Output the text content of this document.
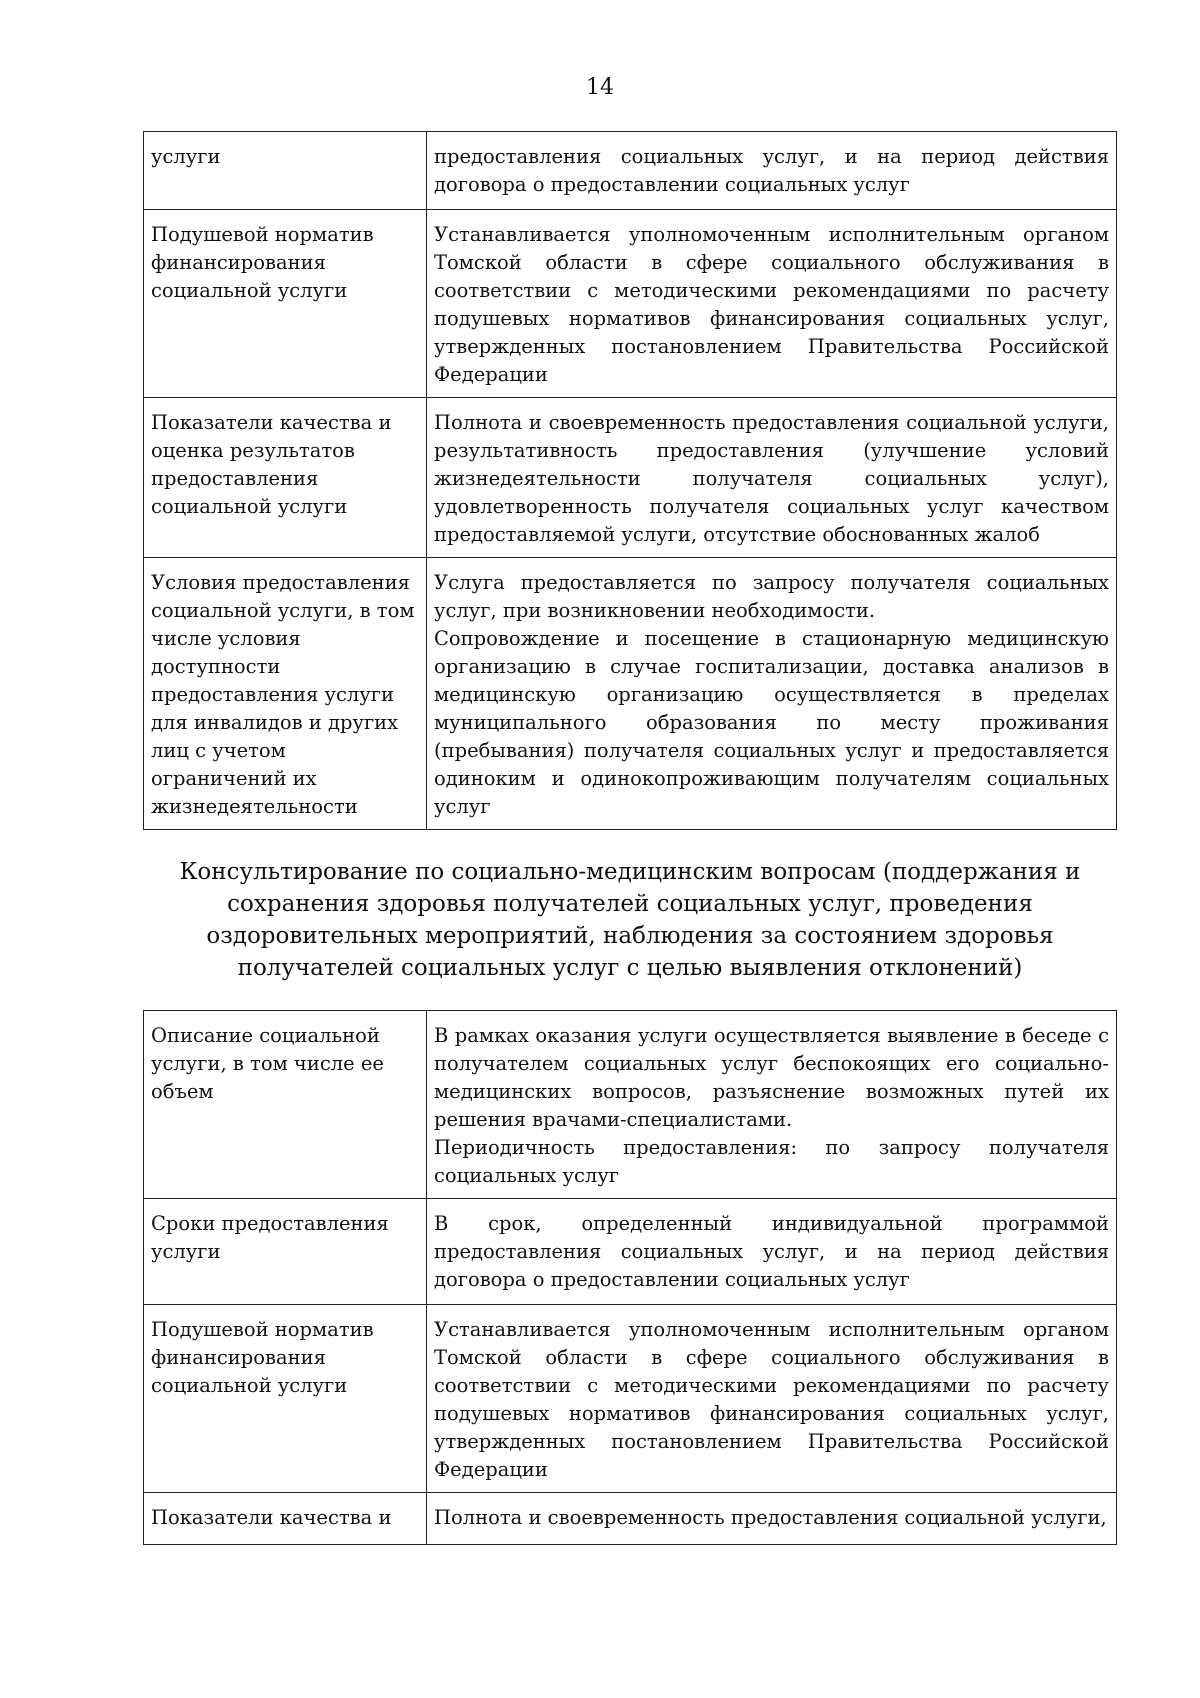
14
услуги	предоставления социальных услуг, и на период действия договора о предоставлении социальных услуг

Подушевой норматив финансирования социальной услуги	Устанавливается уполномоченным исполнительным органом Томской области в сфере социального обслуживания в соответствии с методическими рекомендациями по расчету подушевых нормативов финансирования социальных услуг, утвержденных постановлением Правительства Российской Федерации

Показатели качества и оценка результатов предоставления социальной услуги	Полнота и своевременность предоставления социальной услуги, результативность предоставления (улучшение условий жизнедеятельности получателя социальных услуг), удовлетворенность получателя социальных услуг качеством предоставляемой услуги, отсутствие обоснованных жалоб

Условия предоставления социальной услуги, в том числе условия доступности предоставления услуги для инвалидов и других лиц с учетом ограничений их жизнедеятельности	Услуга предоставляется по запросу получателя социальных услуг, при возникновении необходимости.
Сопровождение и посещение в стационарную медицинскую организацию в случае госпитализации, доставка анализов в медицинскую организацию осуществляется в пределах муниципального образования по месту проживания (пребывания) получателя социальных услуг и предоставляется одиноким и одинокопроживающим получателям социальных услуг
Консультирование по социально-медицинским вопросам (поддержания и сохранения здоровья получателей социальных услуг, проведения оздоровительных мероприятий, наблюдения за состоянием здоровья получателей социальных услуг с целью выявления отклонений)
Описание социальной услуги, в том числе ее объем	В рамках оказания услуги осуществляется выявление в беседе с получателем социальных услуг беспокоящих его социально-медицинских вопросов, разъяснение возможных путей их решения врачами-специалистами.
Периодичность предоставления: по запросу получателя социальных услуг

Сроки предоставления услуги	В срок, определенный индивидуальной программой предоставления социальных услуг, и на период действия договора о предоставлении социальных услуг

Подушевой норматив финансирования социальной услуги	Устанавливается уполномоченным исполнительным органом Томской области в сфере социального обслуживания в соответствии с методическими рекомендациями по расчету подушевых нормативов финансирования социальных услуг, утвержденных постановлением Правительства Российской Федерации

Показатели качества и	Полнота и своевременность предоставления социальной услуги,
